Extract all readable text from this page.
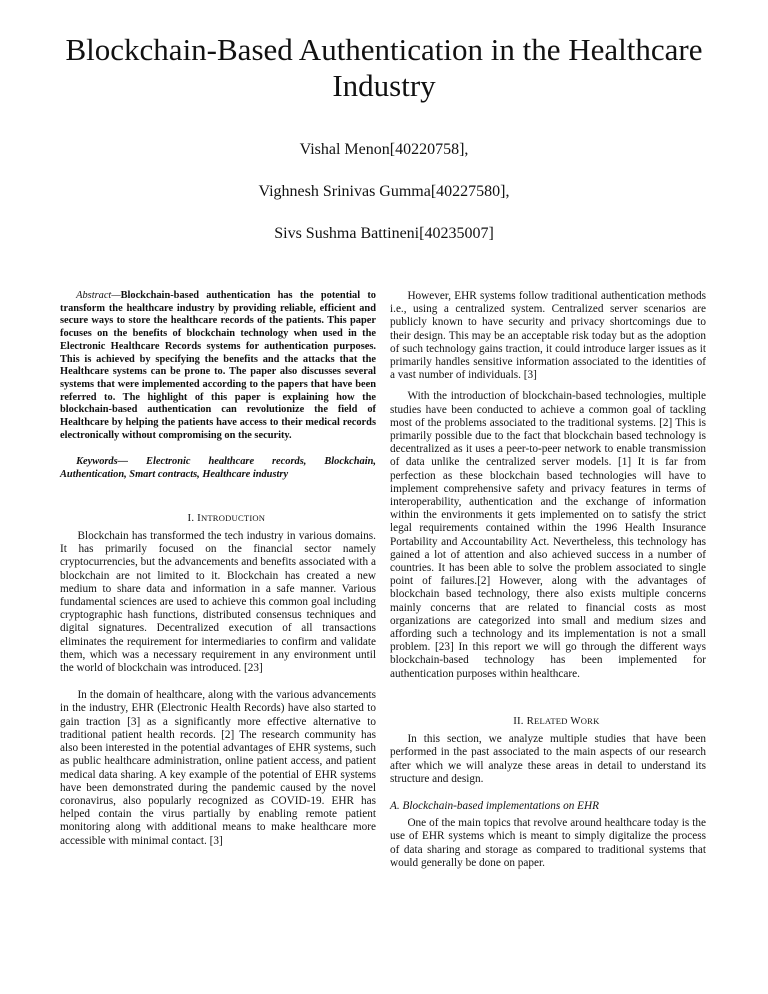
Blockchain-Based Authentication in the Healthcare Industry
Vishal Menon[40220758],
Vighnesh Srinivas Gumma[40227580],
Sivs Sushma Battineni[40235007]

Abstract—Blockchain-based authentication has the potential to transform the healthcare industry by providing reliable, efficient and secure ways to store the healthcare records of the patients. This paper focuses on the benefits of blockchain technology when used in the Electronic Healthcare Records systems for authentication purposes. This is achieved by specifying the benefits and the attacks that the Healthcare systems can be prone to. The paper also discusses several systems that were implemented according to the papers that have been referred to. The highlight of this paper is explaining how the blockchain-based authentication can revolutionize the field of Healthcare by helping the patients have access to their medical records electronically without compromising on the security.

Keywords— Electronic healthcare records, Blockchain, Authentication, Smart contracts, Healthcare industry

I. INTRODUCTION

Blockchain has transformed the tech industry in various domains. It has primarily focused on the financial sector namely cryptocurrencies, but the advancements and benefits associated with a blockchain are not limited to it. Blockchain has created a new medium to share data and information in a safe manner. Various fundamental sciences are used to achieve this common goal including cryptographic hash functions, distributed consensus techniques and digital signatures. Decentralized execution of all transactions eliminates the requirement for intermediaries to confirm and validate them, which was a necessary requirement in any environment until the world of blockchain was introduced. [23]

In the domain of healthcare, along with the various advancements in the industry, EHR (Electronic Health Records) have also started to gain traction [3] as a significantly more effective alternative to traditional patient health records. [2] The research community has also been interested in the potential advantages of EHR systems, such as public healthcare administration, online patient access, and patient medical data sharing. A key example of the potential of EHR systems have been demonstrated during the pandemic caused by the novel coronavirus, also popularly recognized as COVID-19. EHR has helped contain the virus partially by enabling remote patient monitoring along with additional means to make healthcare more accessible with minimal contact. [3]

However, EHR systems follow traditional authentication methods i.e., using a centralized system. Centralized server scenarios are publicly known to have security and privacy shortcomings due to their design. This may be an acceptable risk today but as the adoption of such technology gains traction, it could introduce larger issues as it primarily handles sensitive information associated to the identities of a vast number of individuals. [3]

With the introduction of blockchain-based technologies, multiple studies have been conducted to achieve a common goal of tackling most of the problems associated to the traditional systems. [2] This is primarily possible due to the fact that blockchain based technology is decentralized as it uses a peer-to-peer network to enable transmission of data unlike the centralized server models. [1] It is far from perfection as these blockchain based technologies will have to implement comprehensive safety and privacy features in terms of interoperability, authentication and the exchange of information within the environments it gets implemented on to satisfy the strict legal requirements contained within the 1996 Health Insurance Portability and Accountability Act. Nevertheless, this technology has gained a lot of attention and also achieved success in a number of countries. It has been able to solve the problem associated to single point of failures.[2] However, along with the advantages of blockchain based technology, there also exists multiple concerns mainly concerns that are related to financial costs as most organizations are categorized into small and medium sizes and affording such a technology and its implementation is not a small problem. [23] In this report we will go through the different ways blockchain-based technology has been implemented for authentication purposes within healthcare.

II. RELATED WORK

In this section, we analyze multiple studies that have been performed in the past associated to the main aspects of our research after which we will analyze these areas in detail to understand its structure and design.

A. Blockchain-based implementations on EHR

One of the main topics that revolve around healthcare today is the use of EHR systems which is meant to simply digitalize the process of data sharing and storage as compared to traditional systems that would generally be done on paper.
